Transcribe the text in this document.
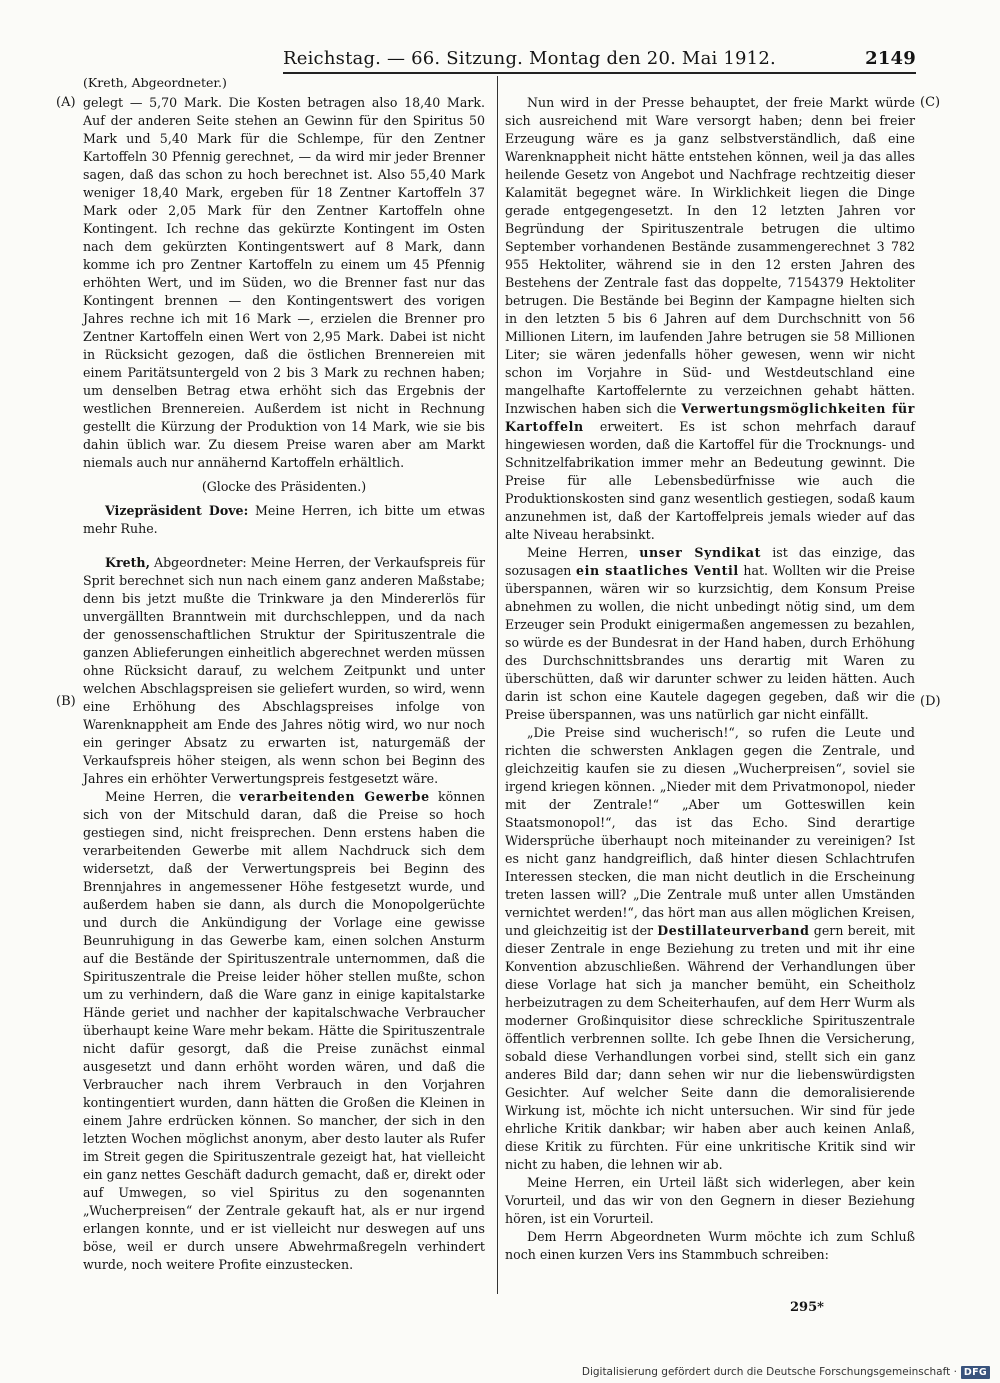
Reichstag. — 66. Sitzung. Montag den 20. Mai 1912.	2149
(A)
(B)
(C)
(D)
(Kreth, Abgeordneter.)

gelegt — 5,70 Mark. Die Kosten betragen also 18,40 Mark. Auf der anderen Seite stehen an Gewinn für den Spiritus 50 Mark und 5,40 Mark für die Schlempe, für den Zentner Kartoffeln 30 Pfennig gerechnet, — da wird mir jeder Brenner sagen, daß das schon zu hoch berechnet ist. Also 55,40 Mark weniger 18,40 Mark, ergeben für 18 Zentner Kartoffeln 37 Mark oder 2,05 Mark für den Zentner Kartoffeln ohne Kontingent. Ich rechne das gekürzte Kontingent im Osten nach dem gekürzten Kontingentswert auf 8 Mark, dann komme ich pro Zentner Kartoffeln zu einem um 45 Pfennig erhöhten Wert, und im Süden, wo die Brenner fast nur das Kontingent brennen — den Kontingentswert des vorigen Jahres rechne ich mit 16 Mark —, erzielen die Brenner pro Zentner Kartoffeln einen Wert von 2,95 Mark. Dabei ist nicht in Rücksicht gezogen, daß die östlichen Brennereien mit einem Paritätsuntergeld von 2 bis 3 Mark zu rechnen haben; um denselben Betrag etwa erhöht sich das Ergebnis der westlichen Brennereien. Außerdem ist nicht in Rechnung gestellt die Kürzung der Produktion von 14 Mark, wie sie bis dahin üblich war. Zu diesem Preise waren aber am Markt niemals auch nur annähernd Kartoffeln erhältlich.

(Glocke des Präsidenten.)

Vizepräsident Dove: Meine Herren, ich bitte um etwas mehr Ruhe.

Kreth, Abgeordneter: Meine Herren, der Verkaufspreis für Sprit berechnet sich nun nach einem ganz anderen Maßstabe; denn bis jetzt mußte die Trinkware ja den Mindererlös für unvergällten Branntwein mit durchschleppen, und da nach der genossenschaftlichen Struktur der Spirituszentrale die ganzen Ablieferungen einheitlich abgerechnet werden müssen ohne Rücksicht darauf, zu welchem Zeitpunkt und unter welchen Abschlagspreisen sie geliefert wurden, so wird, wenn eine Erhöhung des Abschlagspreises infolge von Warenknappheit am Ende des Jahres nötig wird, wo nur noch ein geringer Absatz zu erwarten ist, naturgemäß der Verkaufspreis höher steigen, als wenn schon bei Beginn des Jahres ein erhöhter Verwertungspreis festgesetzt wäre.

Meine Herren, die verarbeitenden Gewerbe können sich von der Mitschuld daran, daß die Preise so hoch gestiegen sind, nicht freisprechen. Denn erstens haben die verarbeitenden Gewerbe mit allem Nachdruck sich dem widersetzt, daß der Verwertungspreis bei Beginn des Brennjahres in angemessener Höhe festgesetzt wurde, und außerdem haben sie dann, als durch die Monopolgerüchte und durch die Ankündigung der Vorlage eine gewisse Beunruhigung in das Gewerbe kam, einen solchen Ansturm auf die Bestände der Spirituszentrale unternommen, daß die Spirituszentrale die Preise leider höher stellen mußte, schon um zu verhindern, daß die Ware ganz in einige kapitalstarke Hände geriet und nachher der kapitalschwache Verbraucher überhaupt keine Ware mehr bekam. Hätte die Spirituszentrale nicht dafür gesorgt, daß die Preise zunächst einmal ausgesetzt und dann erhöht worden wären, und daß die Verbraucher nach ihrem Verbrauch in den Vorjahren kontingentiert wurden, dann hätten die Großen die Kleinen in einem Jahre erdrücken können. So mancher, der sich in den letzten Wochen möglichst anonym, aber desto lauter als Rufer im Streit gegen die Spirituszentrale gezeigt hat, hat vielleicht ein ganz nettes Geschäft dadurch gemacht, daß er, direkt oder auf Umwegen, so viel Spiritus zu den sogenannten „Wucherpreisen“ der Zentrale gekauft hat, als er nur irgend erlangen konnte, und er ist vielleicht nur deswegen auf uns böse, weil er durch unsere Abwehrmaßregeln verhindert wurde, noch weitere Profite einzustecken.

Nun wird in der Presse behauptet, der freie Markt würde sich ausreichend mit Ware versorgt haben; denn bei freier Erzeugung wäre es ja ganz selbstverständlich, daß eine Warenknappheit nicht hätte entstehen können, weil ja das alles heilende Gesetz von Angebot und Nachfrage rechtzeitig dieser Kalamität begegnet wäre. In Wirklichkeit liegen die Dinge gerade entgegengesetzt. In den 12 letzten Jahren vor Begründung der Spirituszentrale betrugen die ultimo September vorhandenen Bestände zusammengerechnet 3 782 955 Hektoliter, während sie in den 12 ersten Jahren des Bestehens der Zentrale fast das doppelte, 7154379 Hektoliter betrugen. Die Bestände bei Beginn der Kampagne hielten sich in den letzten 5 bis 6 Jahren auf dem Durchschnitt von 56 Millionen Litern, im laufenden Jahre betrugen sie 58 Millionen Liter; sie wären jedenfalls höher gewesen, wenn wir nicht schon im Vorjahre in Süd- und Westdeutschland eine mangelhafte Kartoffelernte zu verzeichnen gehabt hätten. Inzwischen haben sich die Verwertungsmöglichkeiten für Kartoffeln erweitert. Es ist schon mehrfach darauf hingewiesen worden, daß die Kartoffel für die Trocknungs- und Schnitzelfabrikation immer mehr an Bedeutung gewinnt. Die Preise für alle Lebensbedürfnisse wie auch die Produktionskosten sind ganz wesentlich gestiegen, sodaß kaum anzunehmen ist, daß der Kartoffelpreis jemals wieder auf das alte Niveau herabsinkt.

Meine Herren, unser Syndikat ist das einzige, das sozusagen ein staatliches Ventil hat. Wollten wir die Preise überspannen, wären wir so kurzsichtig, dem Konsum Preise abnehmen zu wollen, die nicht unbedingt nötig sind, um dem Erzeuger sein Produkt einigermaßen angemessen zu bezahlen, so würde es der Bundesrat in der Hand haben, durch Erhöhung des Durchschnittsbrandes uns derartig mit Waren zu überschütten, daß wir darunter schwer zu leiden hätten. Auch darin ist schon eine Kautele dagegen gegeben, daß wir die Preise überspannen, was uns natürlich gar nicht einfällt.

„Die Preise sind wucherisch!“, so rufen die Leute und richten die schwersten Anklagen gegen die Zentrale, und gleichzeitig kaufen sie zu diesen „Wucherpreisen“, soviel sie irgend kriegen können. „Nieder mit dem Privatmonopol, nieder mit der Zentrale!“ „Aber um Gotteswillen kein Staatsmonopol!“, das ist das Echo. Sind derartige Widersprüche überhaupt noch miteinander zu vereinigen? Ist es nicht ganz handgreiflich, daß hinter diesen Schlachtrufen Interessen stecken, die man nicht deutlich in die Erscheinung treten lassen will? „Die Zentrale muß unter allen Umständen vernichtet werden!“, das hört man aus allen möglichen Kreisen, und gleichzeitig ist der Destillateurverband gern bereit, mit dieser Zentrale in enge Beziehung zu treten und mit ihr eine Konvention abzuschließen. Während der Verhandlungen über diese Vorlage hat sich ja mancher bemüht, ein Scheitholz herbeizutragen zu dem Scheiterhaufen, auf dem Herr Wurm als moderner Großinquisitor diese schreckliche Spirituszentrale öffentlich verbrennen sollte. Ich gebe Ihnen die Versicherung, sobald diese Verhandlungen vorbei sind, stellt sich ein ganz anderes Bild dar; dann sehen wir nur die liebenswürdigsten Gesichter. Auf welcher Seite dann die demoralisierende Wirkung ist, möchte ich nicht untersuchen. Wir sind für jede ehrliche Kritik dankbar; wir haben aber auch keinen Anlaß, diese Kritik zu fürchten. Für eine unkritische Kritik sind wir nicht zu haben, die lehnen wir ab.

Meine Herren, ein Urteil läßt sich widerlegen, aber kein Vorurteil, und das wir von den Gegnern in dieser Beziehung hören, ist ein Vorurteil.

Dem Herrn Abgeordneten Wurm möchte ich zum Schluß noch einen kurzen Vers ins Stammbuch schreiben:

295*
Digitalisierung gefördert durch die Deutsche Forschungsgemeinschaft · DFG
